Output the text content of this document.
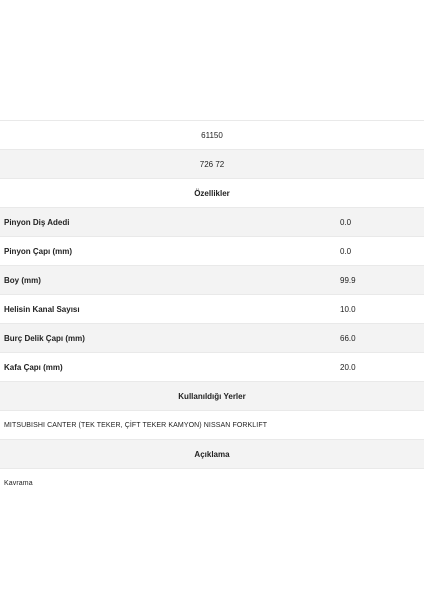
61150
726 72
Özellikler
Pinyon Diş Adedi	0.0
Pinyon Çapı (mm)	0.0
Boy (mm)	99.9
Helisin Kanal Sayısı	10.0
Burç Delik Çapı (mm)	66.0
Kafa Çapı (mm)	20.0
Kullanıldığı Yerler
MITSUBISHI CANTER (TEK TEKER, ÇİFT TEKER KAMYON) NISSAN FORKLIFT
Açıklama
Kavrama
